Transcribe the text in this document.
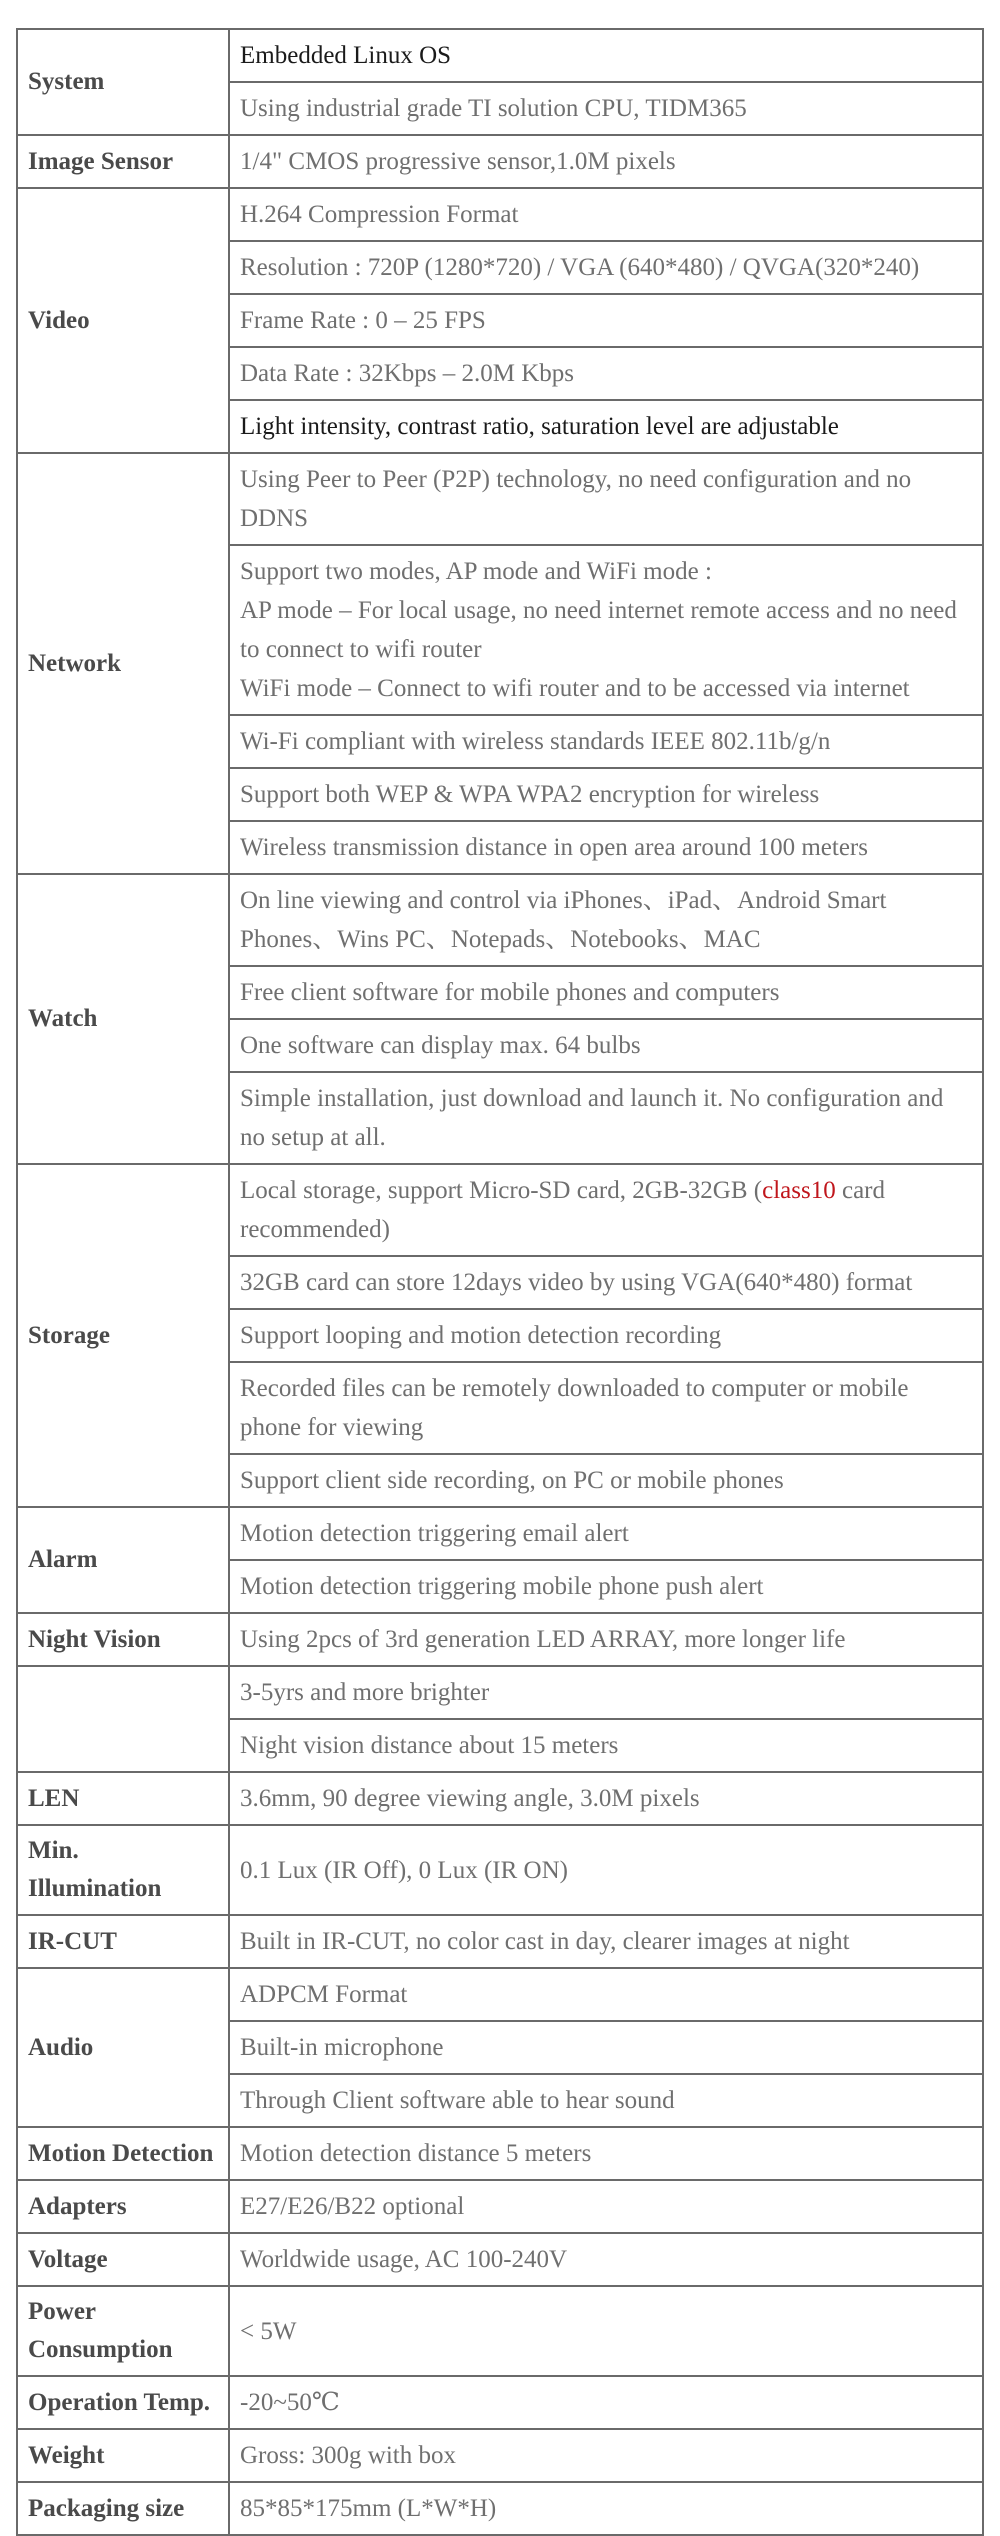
System	Embedded Linux OS
	Using industrial grade TI solution CPU, TIDM365
Image Sensor	1/4" CMOS progressive sensor,1.0M pixels
Video	H.264 Compression Format
	Resolution : 720P (1280*720) / VGA (640*480) / QVGA(320*240)
	Frame Rate : 0 – 25 FPS
	Data Rate : 32Kbps – 2.0M Kbps
	Light intensity, contrast ratio, saturation level are adjustable
Network	Using Peer to Peer (P2P) technology, no need configuration and no DDNS

	Support two modes, AP mode and WiFi mode :
AP mode – For local usage, no need internet remote access and no need to connect to wifi router
WiFi mode – Connect to wifi router and to be accessed via internet

	Wi-Fi compliant with wireless standards IEEE 802.11b/g/n
	Support both WEP & WPA WPA2 encryption for wireless
	Wireless transmission distance in open area around 100 meters
Watch	On line viewing and control via iPhones、iPad、Android Smart Phones、Wins PC、Notepads、Notebooks、MAC
	Free client software for mobile phones and computers
	One software can display max. 64 bulbs
	Simple installation, just download and launch it. No configuration and no setup at all.
Storage	Local storage, support Micro-SD card, 2GB-32GB (class10 card recommended)
	32GB card can store 12days video by using VGA(640*480) format
	Support looping and motion detection recording
	Recorded files can be remotely downloaded to computer or mobile phone for viewing
	Support client side recording, on PC or mobile phones
Alarm	Motion detection triggering email alert
	Motion detection triggering mobile phone push alert
Night Vision	Using 2pcs of 3rd generation LED ARRAY, more longer life
	3-5yrs and more brighter
	Night vision distance about 15 meters
LEN	3.6mm, 90 degree viewing angle, 3.0M pixels
Min. Illumination	0.1 Lux (IR Off), 0 Lux (IR ON)
IR-CUT	Built in IR-CUT, no color cast in day, clearer images at night
Audio	ADPCM Format
	Built-in microphone
	Through Client software able to hear sound
Motion Detection	Motion detection distance 5 meters
Adapters	E27/E26/B22 optional
Voltage	Worldwide usage, AC 100-240V
Power Consumption	< 5W
Operation Temp.	-20~50℃
Weight	Gross: 300g with box
Packaging size	85*85*175mm (L*W*H)
